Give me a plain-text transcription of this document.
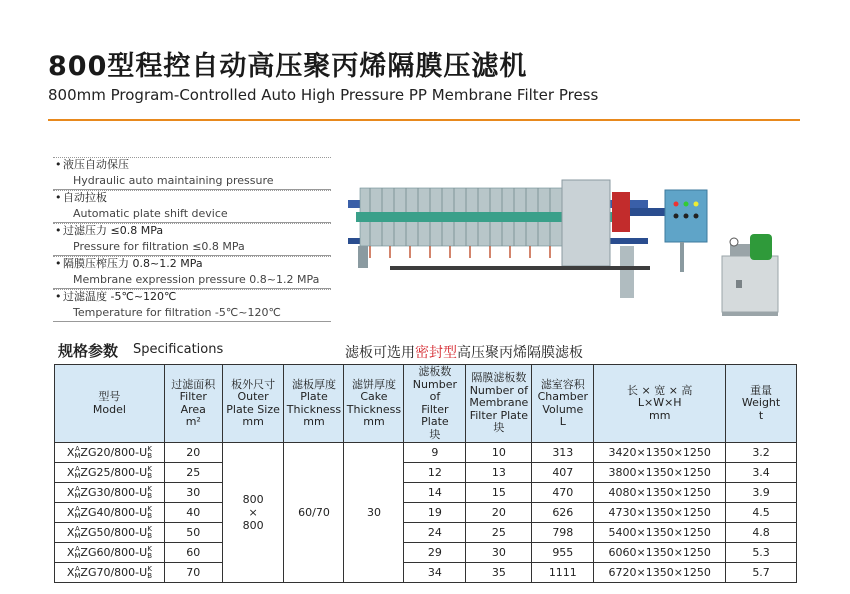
800型程控自动高压聚丙烯隔膜压滤机
800mm Program-Controlled Auto High Pressure PP Membrane Filter Press
• 液压自动保压
Hydraulic auto maintaining pressure
• 自动拉板
Automatic plate shift device
• 过滤压力 ≤0.8 MPa
Pressure for filtration ≤0.8 MPa
• 隔膜压榨压力 0.8~1.2 MPa
Membrane expression pressure 0.8~1.2 MPa
• 过滤温度 -5℃~120℃
Temperature for filtration -5℃~120℃
规格参数 Specifications	滤板可选用密封型高压聚丙烯隔膜滤板
型号
Model	过滤面积
Filter
Area
m²	板外尺寸
Outer
Plate Size
mm	滤板厚度
Plate
Thickness
mm	滤饼厚度
Cake
Thickness
mm	滤板数
Number of
Filter Plate
块	隔膜滤板数
Number of
Membrane
Filter Plate
块	滤室容积
Chamber
Volume
L	长 × 宽 × 高
L×W×H
mm	重量
Weight
t
XA
MZG20/800-UK
B	20	800
×
800	60/70	30	9	10	313	3420×1350×1250	3.2
XA
MZG25/800-UK
B	25				12	13	407	3800×1350×1250	3.4
XA
MZG30/800-UK
B	30				14	15	470	4080×1350×1250	3.9
XA
MZG40/800-UK
B	40				19	20	626	4730×1350×1250	4.5
XA
MZG50/800-UK
B	50				24	25	798	5400×1350×1250	4.8
XA
MZG60/800-UK
B	60				29	30	955	6060×1350×1250	5.3
XA
MZG70/800-UK
B	70				34	35	1111	6720×1350×1250	5.7
